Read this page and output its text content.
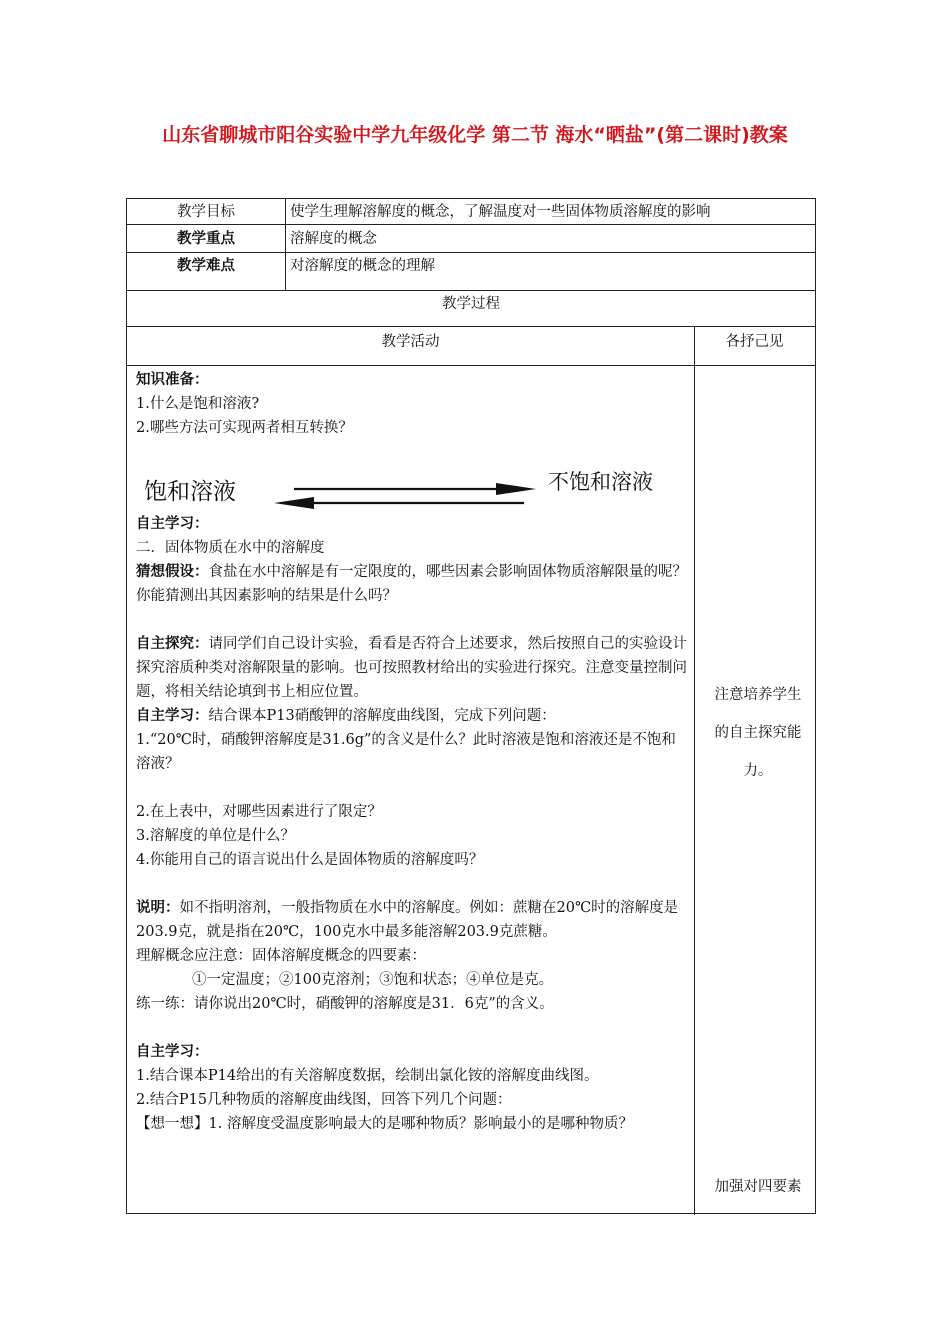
山东省聊城市阳谷实验中学九年级化学 第二节 海水“晒盐”(第二课时)教案
教学目标	使学生理解溶解度的概念，了解温度对一些固体物质溶解度的影响
教学重点	溶解度的概念
教学难点	对溶解度的概念的理解
教学过程
教学活动	各抒己见

知识准备：

1.什么是饱和溶液?

2.哪些方法可实现两者相互转换？

饱和溶液	不饱和溶液

自主学习：

二．固体物质在水中的溶解度

猜想假设：食盐在水中溶解是有一定限度的，哪些因素会影响固体物质溶解限量的呢？你能猜测出其因素影响的结果是什么吗？

自主探究：请同学们自己设计实验，看看是否符合上述要求，然后按照自己的实验设计探究溶质种类对溶解限量的影响。也可按照教材给出的实验进行探究。注意变量控制问题，将相关结论填到书上相应位置。

自主学习：结合课本P13硝酸钾的溶解度曲线图，完成下列问题：

1.“20℃时，硝酸钾溶解度是31.6g”的含义是什么？此时溶液是饱和溶液还是不饱和溶液？

2.在上表中，对哪些因素进行了限定？

3.溶解度的单位是什么？

4.你能用自己的语言说出什么是固体物质的溶解度吗？

说明：如不指明溶剂，一般指物质在水中的溶解度。例如：蔗糖在20℃时的溶解度是203.9克，就是指在20℃，100克水中最多能溶解203.9克蔗糖。

理解概念应注意：固体溶解度概念的四要素：

①一定温度；②100克溶剂；③饱和状态；④单位是克。

练一练：请你说出20℃时，硝酸钾的溶解度是31．6克”的含义。

自主学习：

1.结合课本P14给出的有关溶解度数据，绘制出氯化铵的溶解度曲线图。

2.结合P15几种物质的溶解度曲线图，回答下列几个问题：

【想一想】1. 溶解度受温度影响最大的是哪种物质？影响最小的是哪种物质？

注意培养学生
的自主探究能
力。
加强对四要素
